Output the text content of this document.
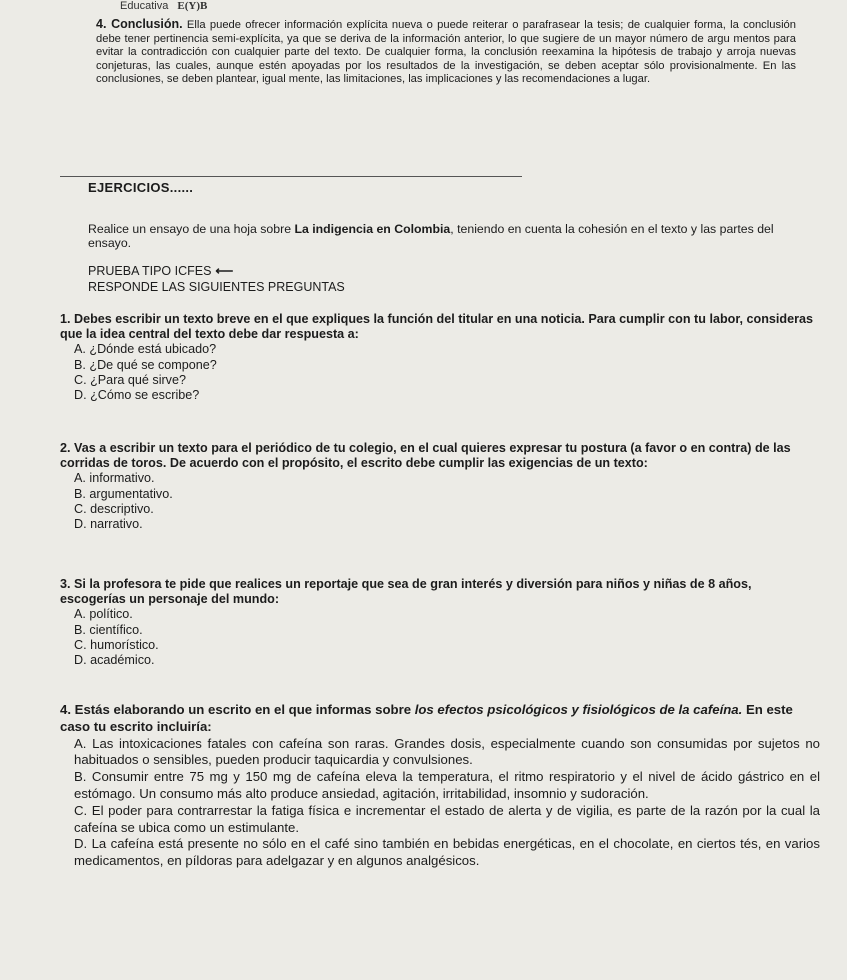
Educativa E(Y)B
4. Conclusión. Ella puede ofrecer información explícita nueva o puede reiterar o parafrasear la tesis; de cualquier forma, la conclusión debe tener pertinencia semi-explícita, ya que se deriva de la información anterior, lo que sugiere de un mayor número de argu mentos para evitar la contradicción con cualquier parte del texto. De cualquier forma, la conclusión reexamina la hipótesis de trabajo y arroja nuevas conjeturas, las cuales, aunque estén apoyadas por los resultados de la investigación, se deben aceptar sólo provisionalmente. En las conclusiones, se deben plantear, igual mente, las limitaciones, las implicaciones y las recomendaciones a lugar.
EJERCICIOS......
Realice un ensayo de una hoja sobre La indigencia en Colombia, teniendo en cuenta la cohesión en el texto y las partes del ensayo.
PRUEBA TIPO ICFES ⟵
RESPONDE LAS SIGUIENTES PREGUNTAS
1. Debes escribir un texto breve en el que expliques la función del titular en una noticia. Para cumplir con tu labor, consideras que la idea central del texto debe dar respuesta a:
A. ¿Dónde está ubicado?
B. ¿De qué se compone?
C. ¿Para qué sirve?
D. ¿Cómo se escribe?
2. Vas a escribir un texto para el periódico de tu colegio, en el cual quieres expresar tu postura (a favor o en contra) de las corridas de toros. De acuerdo con el propósito, el escrito debe cumplir las exigencias de un texto:
A. informativo.
B. argumentativo.
C. descriptivo.
D. narrativo.
3. Si la profesora te pide que realices un reportaje que sea de gran interés y diversión para niños y niñas de 8 años, escogerías un personaje del mundo:
A. político.
B. científico.
C. humorístico.
D. académico.
4. Estás elaborando un escrito en el que informas sobre los efectos psicológicos y fisiológicos de la cafeína. En este caso tu escrito incluiría:
A. Las intoxicaciones fatales con cafeína son raras. Grandes dosis, especialmente cuando son consumidas por sujetos no habituados o sensibles, pueden producir taquicardia y convulsiones.
B. Consumir entre 75 mg y 150 mg de cafeína eleva la temperatura, el ritmo respiratorio y el nivel de ácido gástrico en el estómago. Un consumo más alto produce ansiedad, agitación, irritabilidad, insomnio y sudoración.
C. El poder para contrarrestar la fatiga física e incrementar el estado de alerta y de vigilia, es parte de la razón por la cual la cafeína se ubica como un estimulante.
D. La cafeína está presente no sólo en el café sino también en bebidas energéticas, en el chocolate, en ciertos tés, en varios medicamentos, en píldoras para adelgazar y en algunos analgésicos.
